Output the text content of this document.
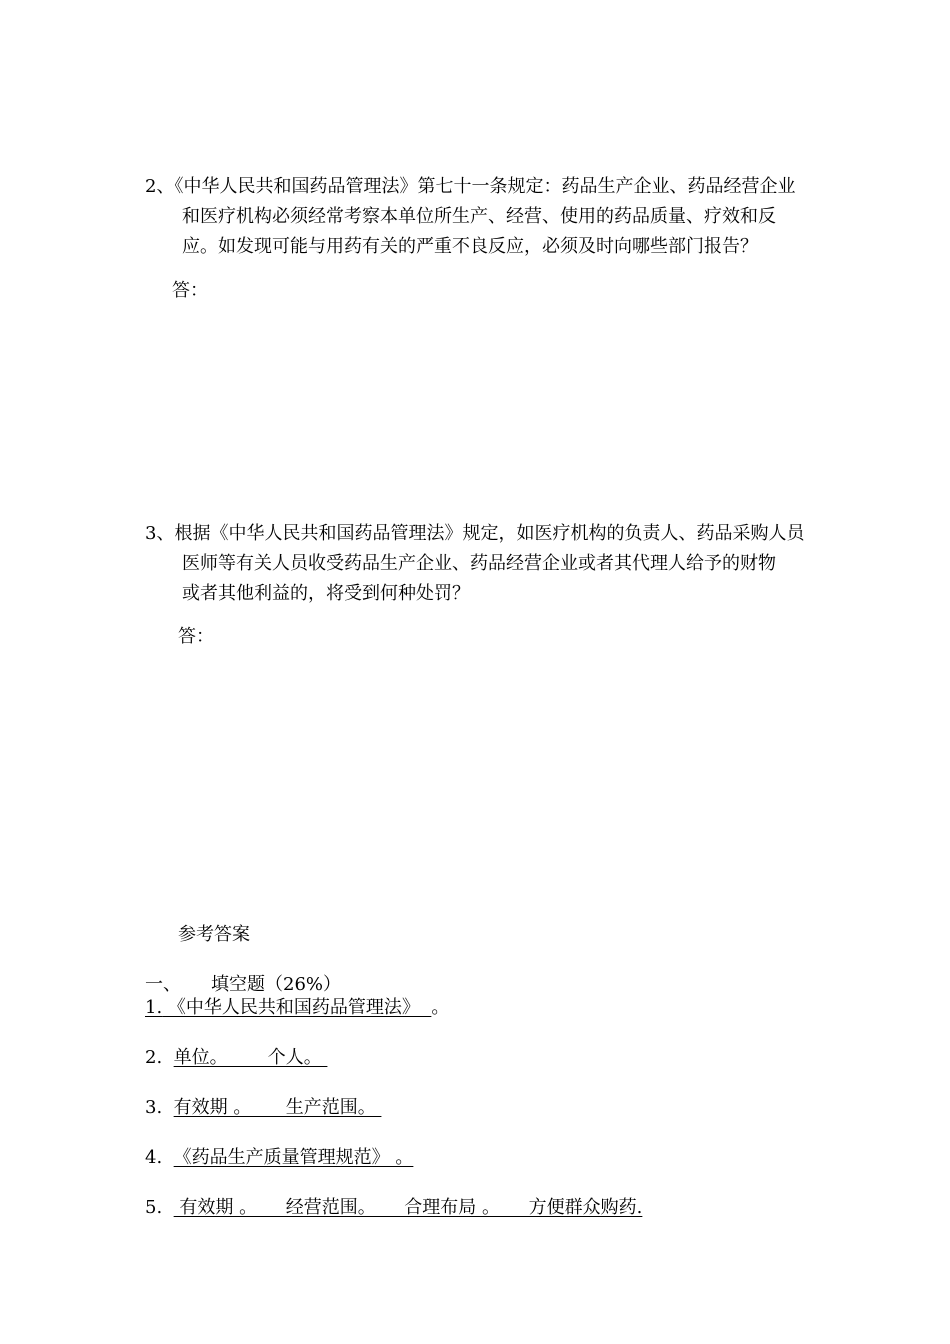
2、《中华人民共和国药品管理法》第七十一条规定：药品生产企业、药品经营企业
和医疗机构必须经常考察本单位所生产、经营、使用的药品质量、疗效和反
应。如发现可能与用药有关的严重不良反应，必须及时向哪些部门报告？
答：
3、根据《中华人民共和国药品管理法》规定，如医疗机构的负责人、药品采购人员
医师等有关人员收受药品生产企业、药品经营企业或者其代理人给予的财物
或者其他利益的，将受到何种处罚？
答：
参考答案
一、 填空题（26%）
1. 《中华人民共和国药品管理法》  。
2. 单位。       个人。
3. 有效期 。      生产范围。
4. 《药品生产质量管理规范》 。
5.   有效期 。     经营范围。     合理布局 。     方便群众购药.
